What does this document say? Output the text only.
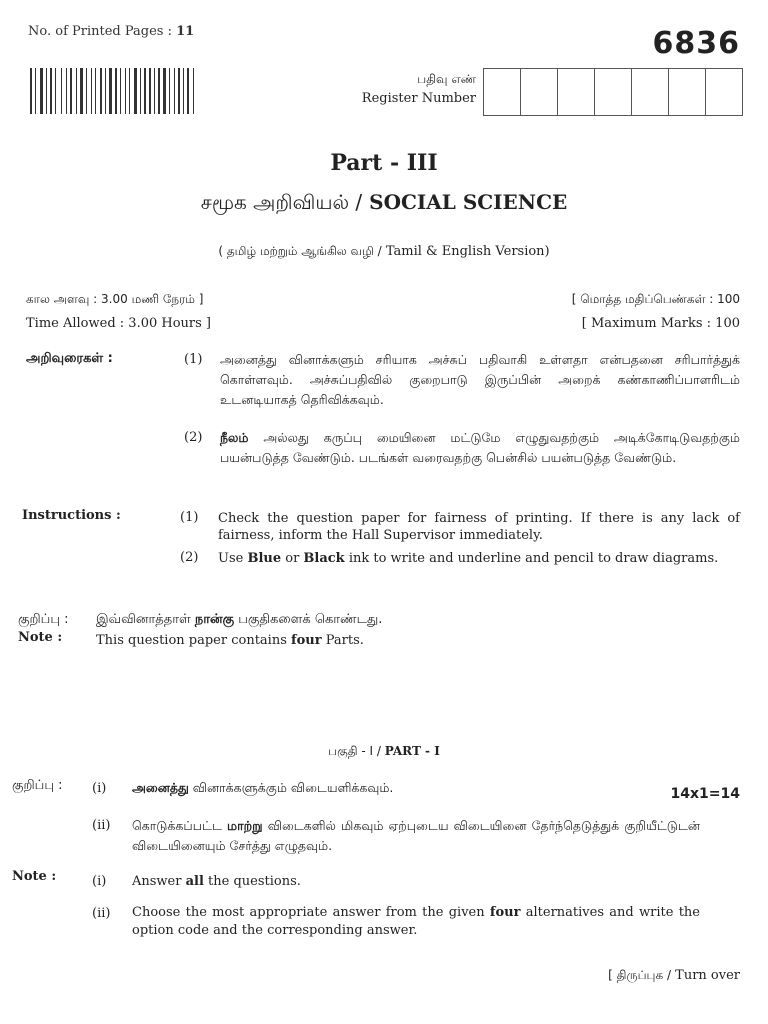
No. of Printed Pages : 11	6836
பதிவு எண்
Register Number
Part - III
சமூக அறிவியல் / SOCIAL SCIENCE
( தமிழ் மற்றும் ஆங்கில வழி / Tamil & English Version)
கால அளவு : 3.00 மணி நேரம் ]	[ மொத்த மதிப்பெண்கள் : 100
Time Allowed : 3.00 Hours ]	[ Maximum Marks : 100
அறிவுரைகள் :	(1) அனைத்து வினாக்களும் சரியாக அச்சுப் பதிவாகி உள்ளதா என்பதனை சரிபார்த்துக் கொள்ளவும். அச்சுப்பதிவில் குறைபாடு இருப்பின் அறைக் கண்காணிப்பாளரிடம் உடனடியாகத் தெரிவிக்கவும்.
(2) நீலம் அல்லது கருப்பு மையினை மட்டுமே எழுதுவதற்கும் அடிக்கோடிடுவதற்கும் பயன்படுத்த வேண்டும். படங்கள் வரைவதற்கு பென்சில் பயன்படுத்த வேண்டும்.
Instructions :	(1) Check the question paper for fairness of printing. If there is any lack of fairness, inform the Hall Supervisor immediately.
(2) Use Blue or Black ink to write and underline and pencil to draw diagrams.
குறிப்பு : இவ்வினாத்தாள் நான்கு பகுதிகளைக் கொண்டது.
Note :	This question paper contains four Parts.
பகுதி - I / PART - I
குறிப்பு : (i) அனைத்து வினாக்களுக்கும் விடையளிக்கவும்.	14x1=14
(ii) கொடுக்கப்பட்ட மாற்று விடைகளில் மிகவும் ஏற்புடைய விடையினை தேர்ந்தெடுத்துக் குறியீட்டுடன் விடையினையும் சேர்த்து எழுதவும்.
Note :	(i) Answer all the questions.
(ii) Choose the most appropriate answer from the given four alternatives and write the option code and the corresponding answer.
[ திருப்புக / Turn over
